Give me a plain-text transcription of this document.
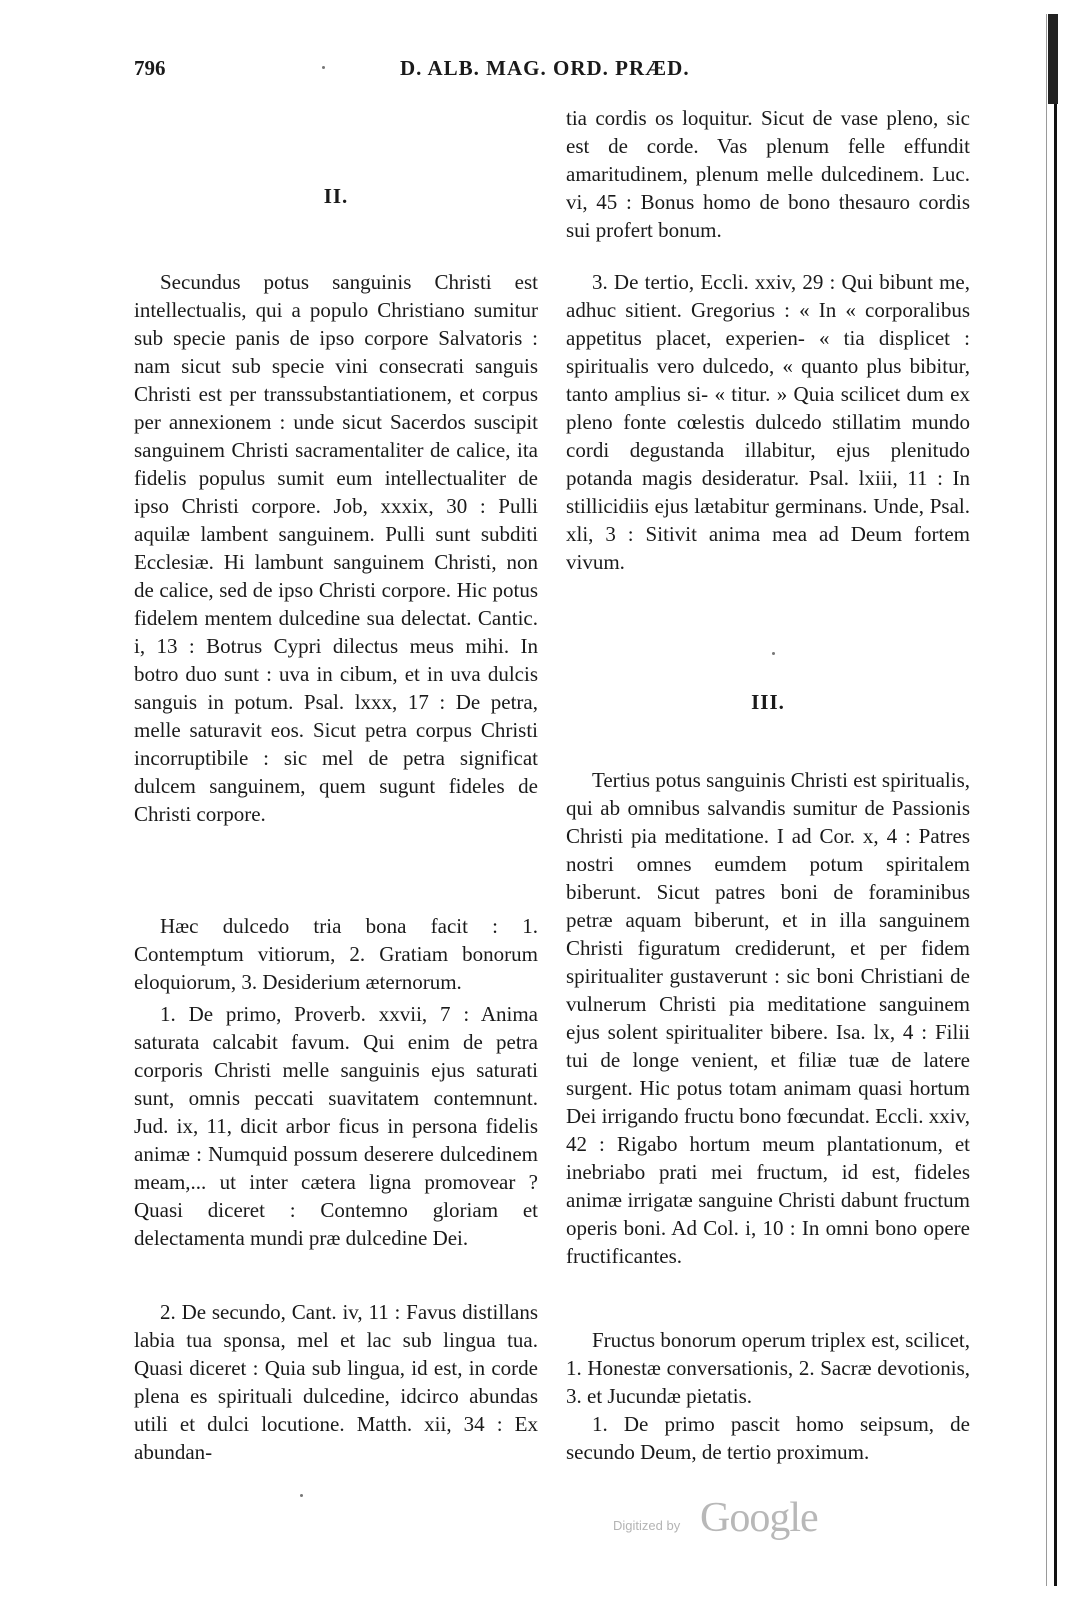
796	D. ALB. MAG. ORD. PRÆD.
II.

Secundus potus sanguinis Christi est intellectualis, qui a populo Christiano sumitur sub specie panis de ipso corpore Salvatoris : nam sicut sub specie vini consecrati sanguis Christi est per transsubstantiationem, et corpus per annexionem : unde sicut Sacerdos suscipit sanguinem Christi sacramentaliter de calice, ita fidelis populus sumit eum intellectualiter de ipso Christi corpore. Job, xxxix, 30 : Pulli aquilæ lambent sanguinem. Pulli sunt subditi Ecclesiæ. Hi lambunt sanguinem Christi, non de calice, sed de ipso Christi corpore. Hic potus fidelem mentem dulcedine sua delectat. Cantic. i, 13 : Botrus Cypri dilectus meus mihi. In botro duo sunt : uva in cibum, et in uva dulcis sanguis in potum. Psal. lxxx, 17 : De petra, melle saturavit eos. Sicut petra corpus Christi incorruptibile : sic mel de petra significat dulcem sanguinem, quem sugunt fideles de Christi corpore.

Hæc dulcedo tria bona facit : 1. Contemptum vitiorum, 2. Gratiam bonorum eloquiorum, 3. Desiderium æternorum.

1. De primo, Proverb. xxvii, 7 : Anima saturata calcabit favum. Qui enim de petra corporis Christi melle sanguinis ejus saturati sunt, omnis peccati suavitatem contemnunt. Jud. ix, 11, dicit arbor ficus in persona fidelis animæ : Numquid possum deserere dulcedinem meam,... ut inter cætera ligna promovear ? Quasi diceret : Contemno gloriam et delectamenta mundi præ dulcedine Dei.

2. De secundo, Cant. iv, 11 : Favus distillans labia tua sponsa, mel et lac sub lingua tua. Quasi diceret : Quia sub lingua, id est, in corde plena es spirituali dulcedine, idcirco abundas utili et dulci locutione. Matth. xii, 34 : Ex abundan-

tia cordis os loquitur. Sicut de vase pleno, sic est de corde. Vas plenum felle effundit amaritudinem, plenum melle dulcedinem. Luc. vi, 45 : Bonus homo de bono thesauro cordis sui profert bonum.

3. De tertio, Eccli. xxiv, 29 : Qui bibunt me, adhuc sitient. Gregorius : « In « corporalibus appetitus placet, experien- « tia displicet : spiritualis vero dulcedo, « quanto plus bibitur, tanto amplius si- « titur. » Quia scilicet dum ex pleno fonte cœlestis dulcedo stillatim mundo cordi degustanda illabitur, ejus plenitudo potanda magis desideratur. Psal. lxiii, 11 : In stillicidiis ejus lætabitur germinans. Unde, Psal. xli, 3 : Sitivit anima mea ad Deum fortem vivum.

III.

Tertius potus sanguinis Christi est spiritualis, qui ab omnibus salvandis sumitur de Passionis Christi pia meditatione. I ad Cor. x, 4 : Patres nostri omnes eumdem potum spiritalem biberunt. Sicut patres boni de foraminibus petræ aquam biberunt, et in illa sanguinem Christi figuratum crediderunt, et per fidem spiritualiter gustaverunt : sic boni Christiani de vulnerum Christi pia meditatione sanguinem ejus solent spiritualiter bibere. Isa. lx, 4 : Filii tui de longe venient, et filiæ tuæ de latere surgent. Hic potus totam animam quasi hortum Dei irrigando fructu bono fœcundat. Eccli. xxiv, 42 : Rigabo hortum meum plantationum, et inebriabo prati mei fructum, id est, fideles animæ irrigatæ sanguine Christi dabunt fructum operis boni. Ad Col. i, 10 : In omni bono opere fructificantes.

Fructus bonorum operum triplex est, scilicet, 1. Honestæ conversationis, 2. Sacræ devotionis, 3. et Jucundæ pietatis.

1. De primo pascit homo seipsum, de secundo Deum, de tertio proximum.

Digitized by Google
